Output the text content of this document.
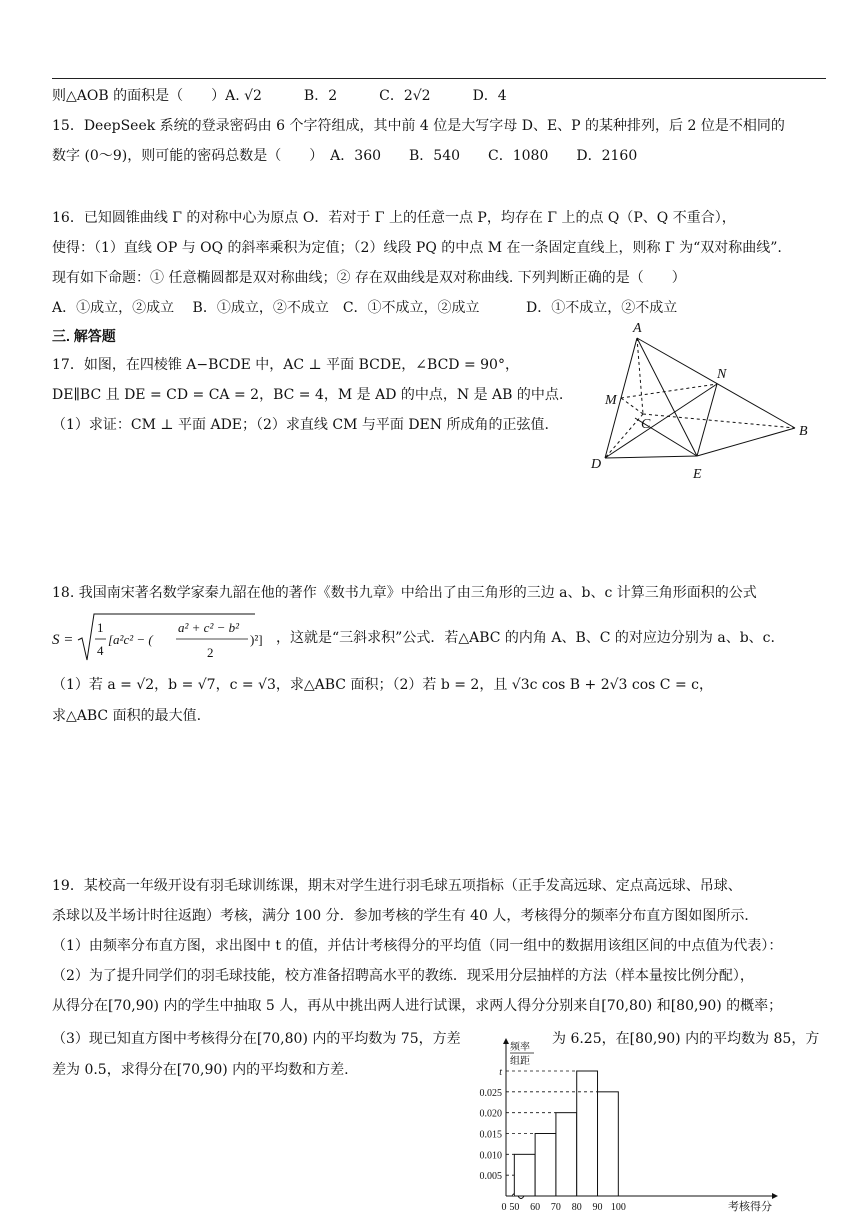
则△AOB 的面积是（　　）A. √2　　　B．2　　　C．2√2　　　D．4
15．DeepSeek 系统的登录密码由 6 个字符组成，其中前 4 位是大写字母 D、E、P 的某种排列，后 2 位是不相同的
数字 (0～9)，则可能的密码总数是（　　）　A．360　　B．540　　C．1080　　D．2160
16．已知圆锥曲线 Γ 的对称中心为原点 O．若对于 Γ 上的任意一点 P，均存在 Γ 上的点 Q（P、Q 不重合），
使得：（1）直线 OP 与 OQ 的斜率乘积为定值；（2）线段 PQ 的中点 M 在一条固定直线上，则称 Γ 为“双对称曲线”.
现有如下命题：① 任意椭圆都是双对称曲线；② 存在双曲线是双对称曲线. 下列判断正确的是（　　）
A．①成立，②成立　 B．①成立，②不成立　C．①不成立，②成立　　　 D．①不成立，②不成立
三. 解答题
17．如图，在四棱锥 A−BCDE 中，AC ⊥ 平面 BCDE，∠BCD = 90°，
DE∥BC 且 DE = CD = CA = 2，BC = 4，M 是 AD 的中点，N 是 AB 的中点.
（1）求证：CM ⊥ 平面 ADE；（2）求直线 CM 与平面 DEN 所成角的正弦值.
A
M
N
C	B
D
E
18. 我国南宋著名数学家秦九韶在他的著作《数书九章》中给出了由三角形的三边 a、b、c 计算三角形面积的公式
S =
1
4
[a²c² − (
a² + c² − b²
2
)²] ，这就是“三斜求积”公式．若△ABC 的内角 A、B、C 的对应边分别为 a、b、c.
（1）若 a = √2，b = √7，c = √3，求△ABC 面积；（2）若 b = 2，且 √3c cos B + 2√3 cos C = c，
求△ABC 面积的最大值.
19．某校高一年级开设有羽毛球训练课，期末对学生进行羽毛球五项指标（正手发高远球、定点高远球、吊球、
杀球以及半场计时往返跑）考核，满分 100 分．参加考核的学生有 40 人，考核得分的频率分布直方图如图所示．
（1）由频率分布直方图，求出图中 t 的值，并估计考核得分的平均值（同一组中的数据用该组区间的中点值为代表）：
（2）为了提升同学们的羽毛球技能，校方准备招聘高水平的教练．现采用分层抽样的方法（样本量按比例分配），
从得分在[70,90) 内的学生中抽取 5 人，再从中挑出两人进行试课，求两人得分分别来自[70,80) 和[80,90) 的概率；
（3）现已知直方图中考核得分在[70,80) 内的平均数为 75，方差	为 6.25，在[80,90) 内的平均数为 85，方
差为 0.5，求得分在[70,90) 内的平均数和方差.
0.005
0.010
0.015
0.020
0.025
t
50 60 70 80 90 100
0	考核得分
频率
组距
